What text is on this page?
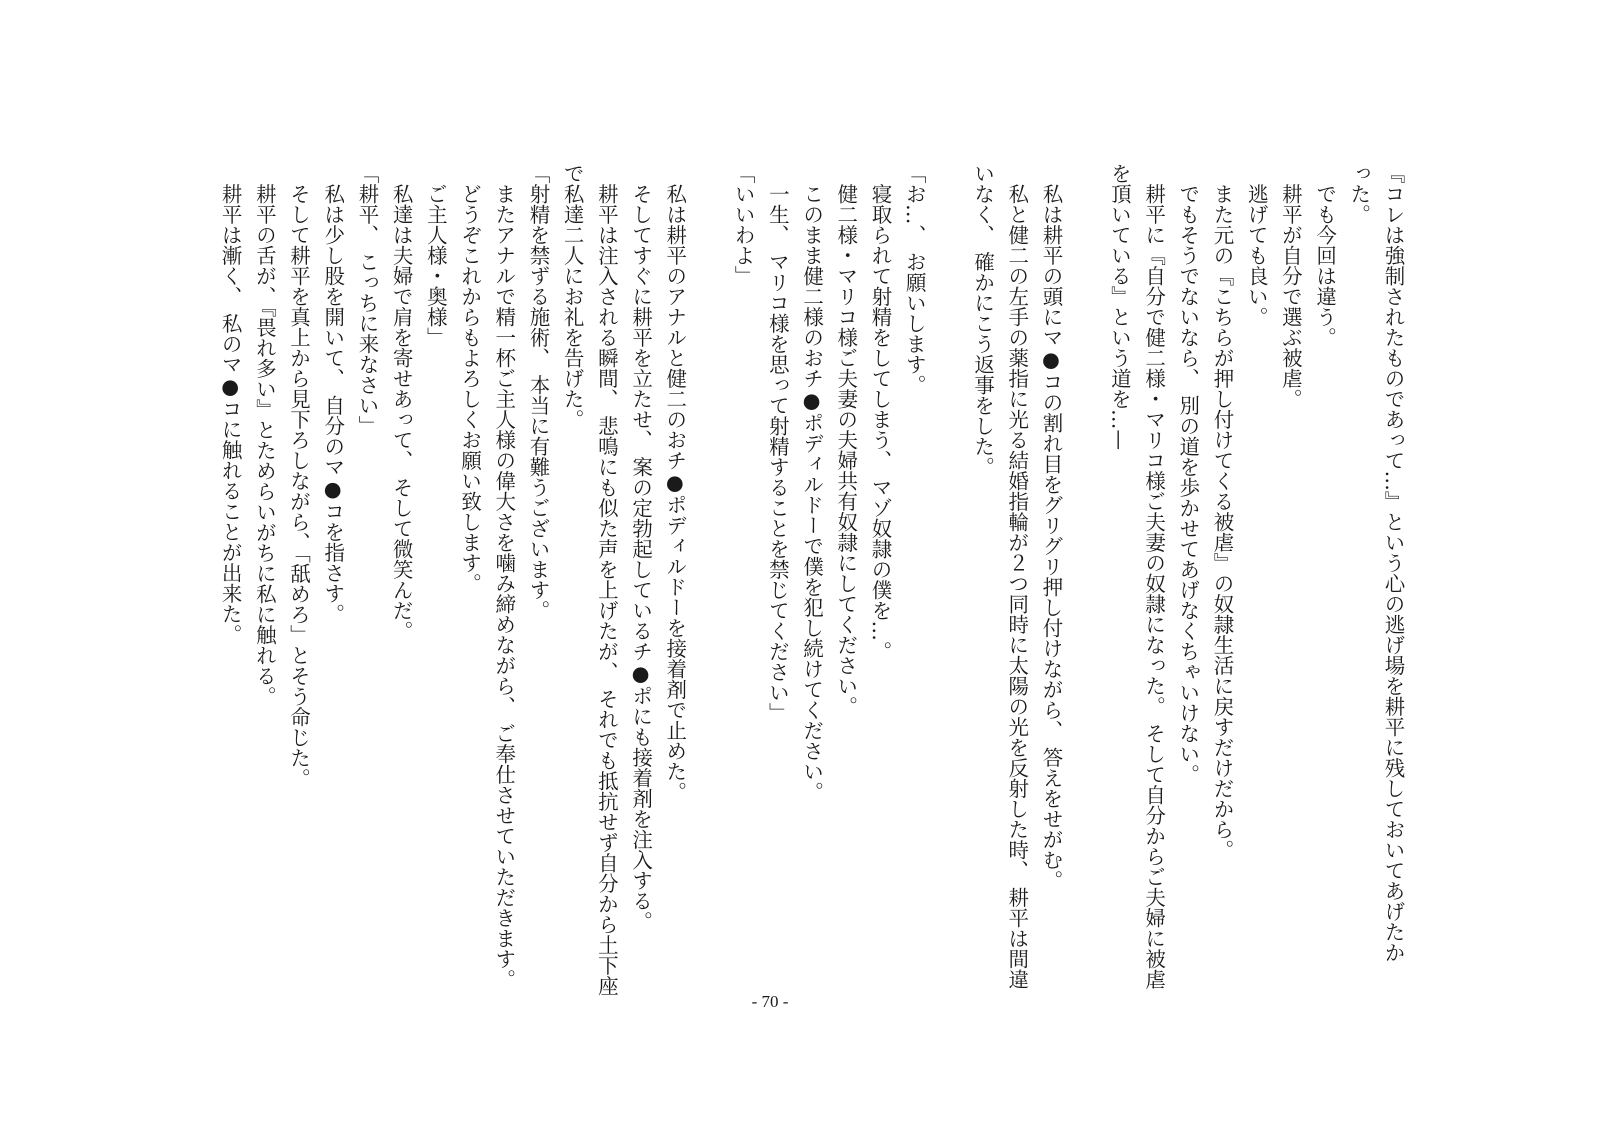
『コレは強制されたものであって…』という心の逃げ場を耕平に残しておいてあげたか
った。
　でも今回は違う。
　耕平が自分で選ぶ被虐。
　逃げても良い。
　また元の『こちらが押し付けてくる被虐』の奴隷生活に戻すだけだから。
　でもそうでないなら、 別の道を歩かせてあげなくちゃいけない。
　耕平に『自分で健二様・マリコ様ご夫妻の奴隷になった。 そして自分からご夫婦に被虐
を頂いている』という道を…—
　私は耕平の頭にマ●コの割れ目をグリグリ押し付けながら、 答えをせがむ。
　私と健二の左手の薬指に光る結婚指輪が２つ同時に太陽の光を反射した時、 耕平は間違
いなく、 確かにこう返事をした。
「お…、 お願いします。
　寝取られて射精をしてしまう、 マゾ奴隷の僕を…。
　健二様・マリコ様ご夫妻の夫婦共有奴隷にしてください。
　このまま健二様のおチ●ポディルドーで僕を犯し続けてください。
　一生、 マリコ様を思って射精することを禁じてください」
「いいわよ」
　私は耕平のアナルと健二のおチ●ポディルドーを接着剤で止めた。
　そしてすぐに耕平を立たせ、 案の定勃起しているチ●ポにも接着剤を注入する。
　耕平は注入される瞬間、 悲鳴にも似た声を上げたが、 それでも抵抗せず自分から土下座
で私達二人にお礼を告げた。
「射精を禁ずる施術、 本当に有難うございます。
　またアナルで精一杯ご主人様の偉大さを噛み締めながら、 ご奉仕させていただきます。
　どうぞこれからもよろしくお願い致します。
　ご主人様・奥様」
　私達は夫婦で肩を寄せあって、 そして微笑んだ。
「耕平、 こっちに来なさい」
　私は少し股を開いて、 自分のマ●コを指さす。
　そして耕平を真上から見下ろしながら、「舐めろ」とそう命じた。
　耕平の舌が、『畏れ多い』とためらいがちに私に触れる。
　耕平は漸く、 私のマ●コに触れることが出来た。
- 70 -
